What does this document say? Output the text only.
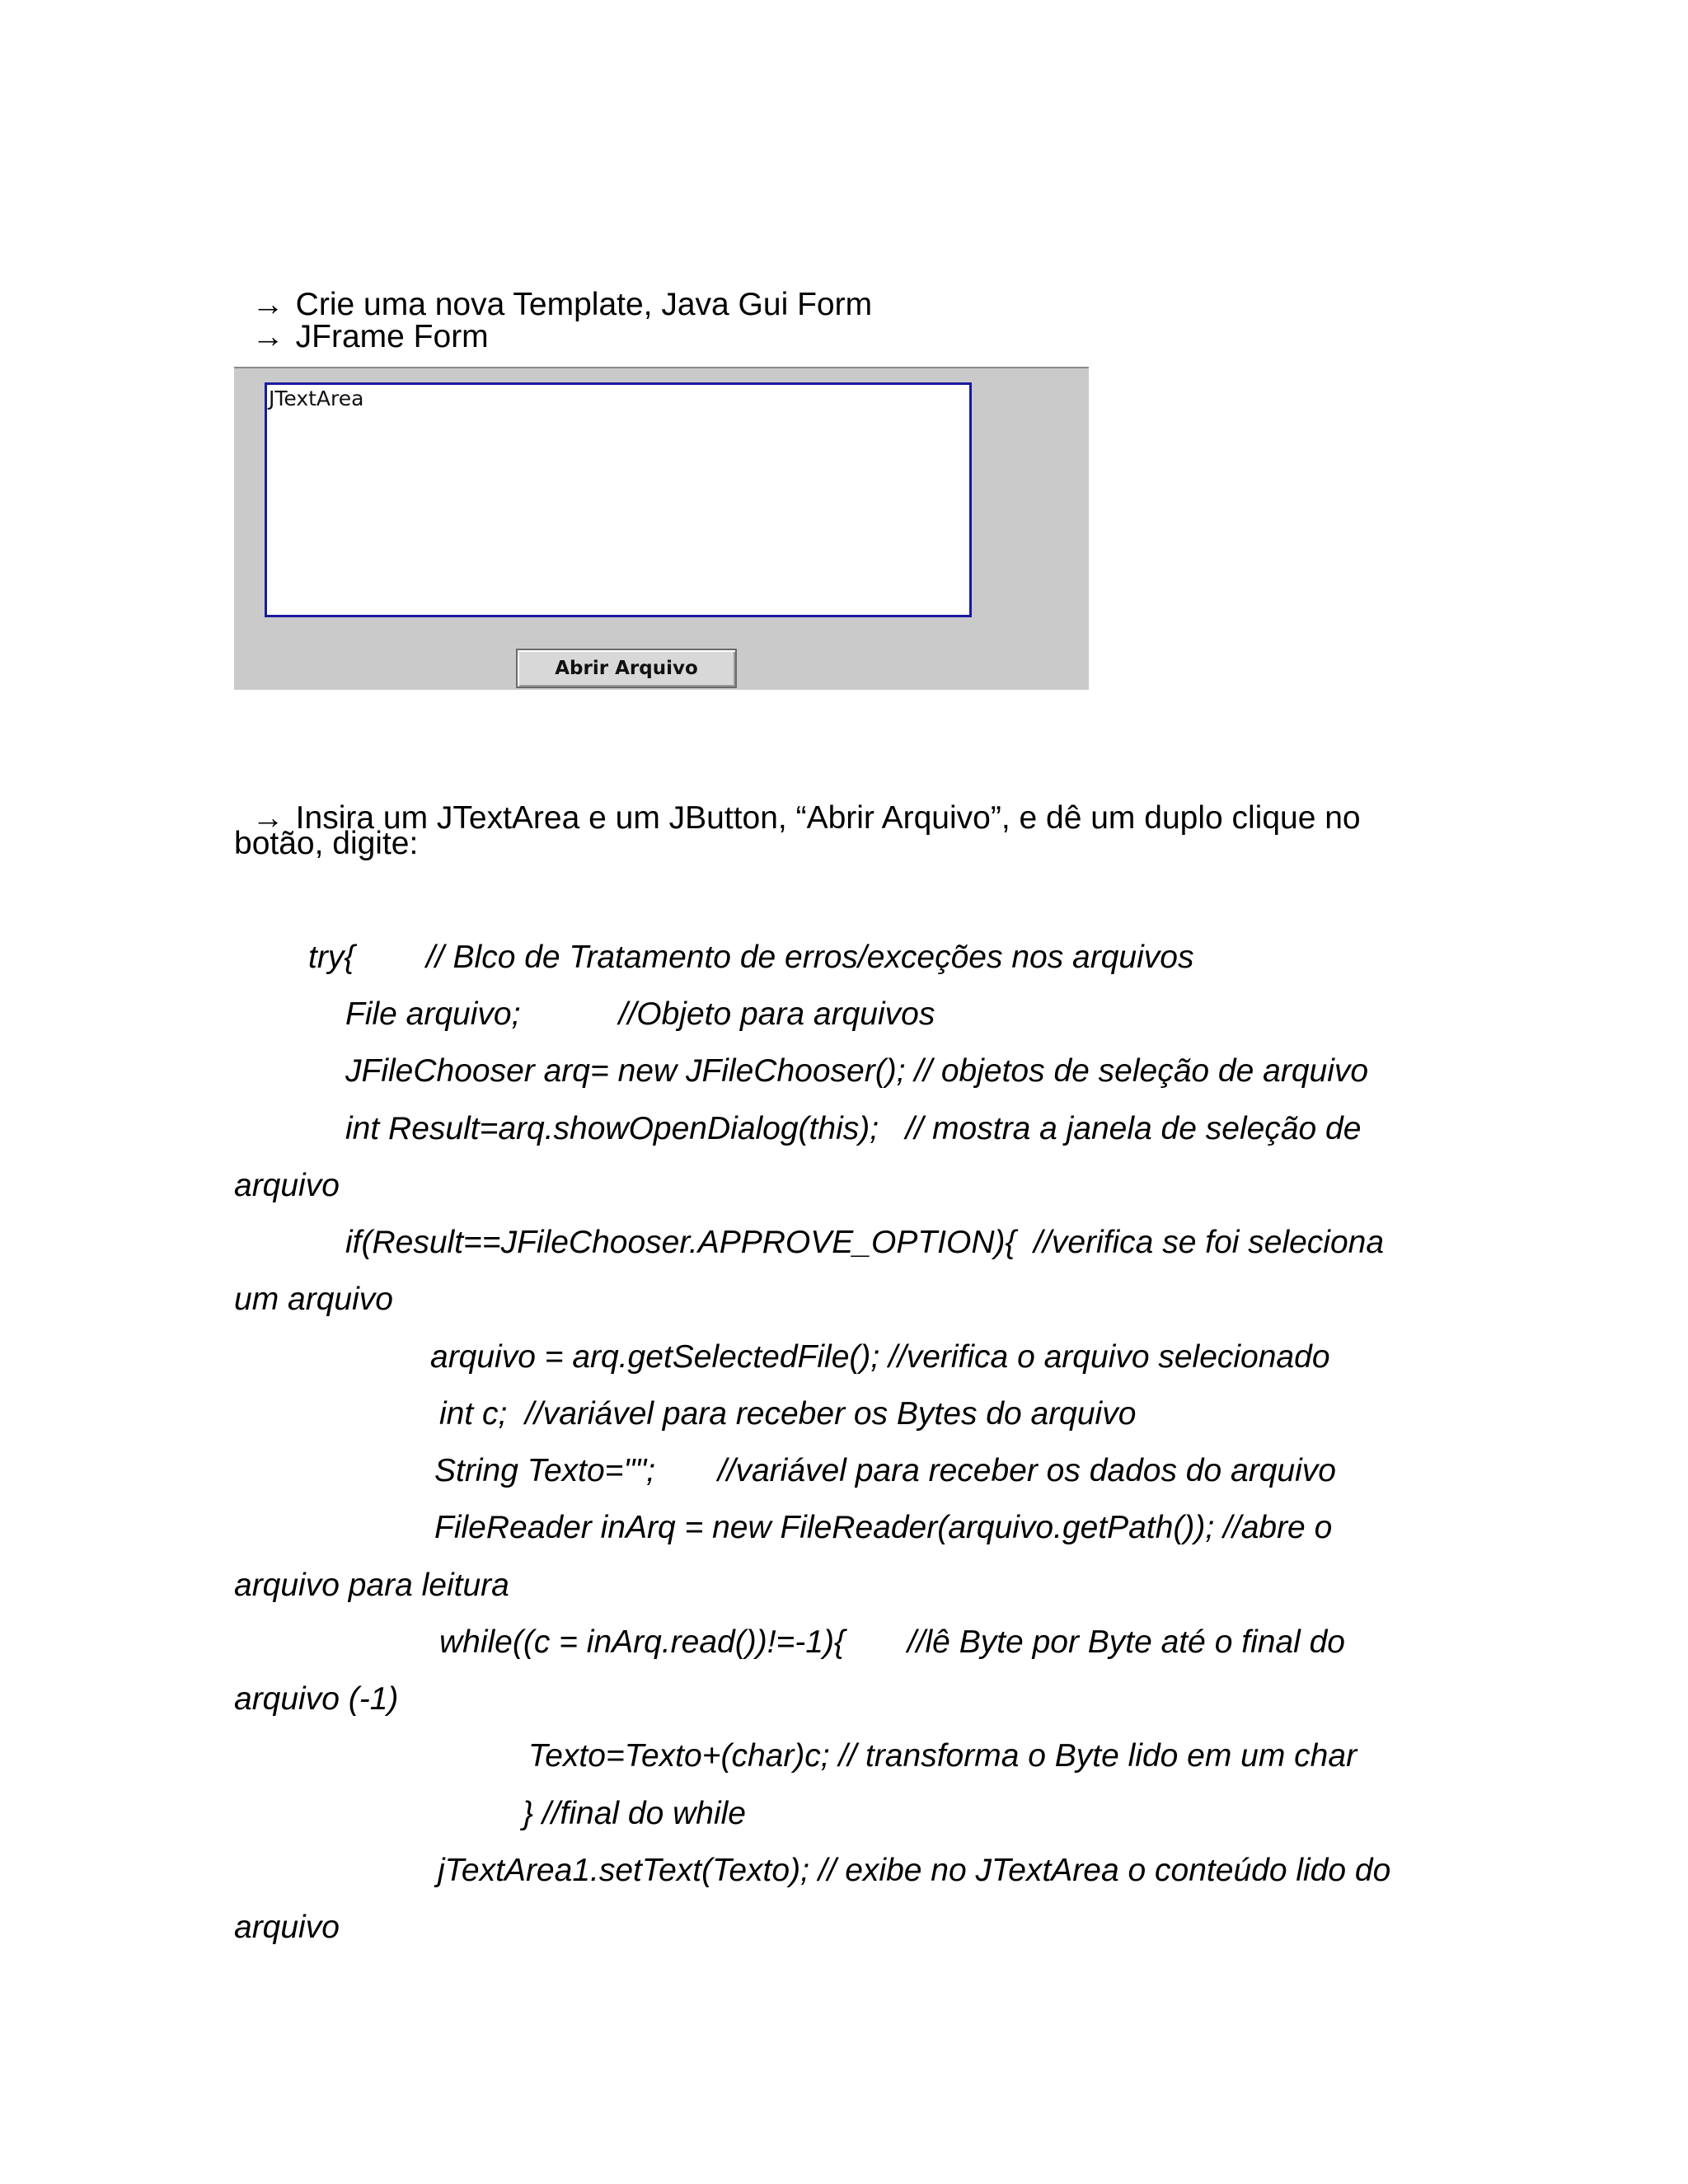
→ Crie uma nova Template, Java Gui Form
→ JFrame Form

JTextArea
Abrir Arquivo

→ Insira um JTextArea e um JButton, “Abrir Arquivo”, e dê um duplo clique no

botão, digite:
try{        // Blco de Tratamento de erros/exceções nos arquivos
File arquivo;           //Objeto para arquivos
JFileChooser arq= new JFileChooser(); // objetos de seleção de arquivo
int Result=arq.showOpenDialog(this);   // mostra a janela de seleção de
arquivo
if(Result==JFileChooser.APPROVE_OPTION){  //verifica se foi seleciona
um arquivo
arquivo = arq.getSelectedFile(); //verifica o arquivo selecionado
int c;  //variável para receber os Bytes do arquivo
String Texto="";       //variável para receber os dados do arquivo
FileReader inArq = new FileReader(arquivo.getPath()); //abre o
arquivo para leitura
while((c = inArq.read())!=-1){       //lê Byte por Byte até o final do
arquivo (-1)
Texto=Texto+(char)c; // transforma o Byte lido em um char
} //final do while
jTextArea1.setText(Texto); // exibe no JTextArea o conteúdo lido do
arquivo
